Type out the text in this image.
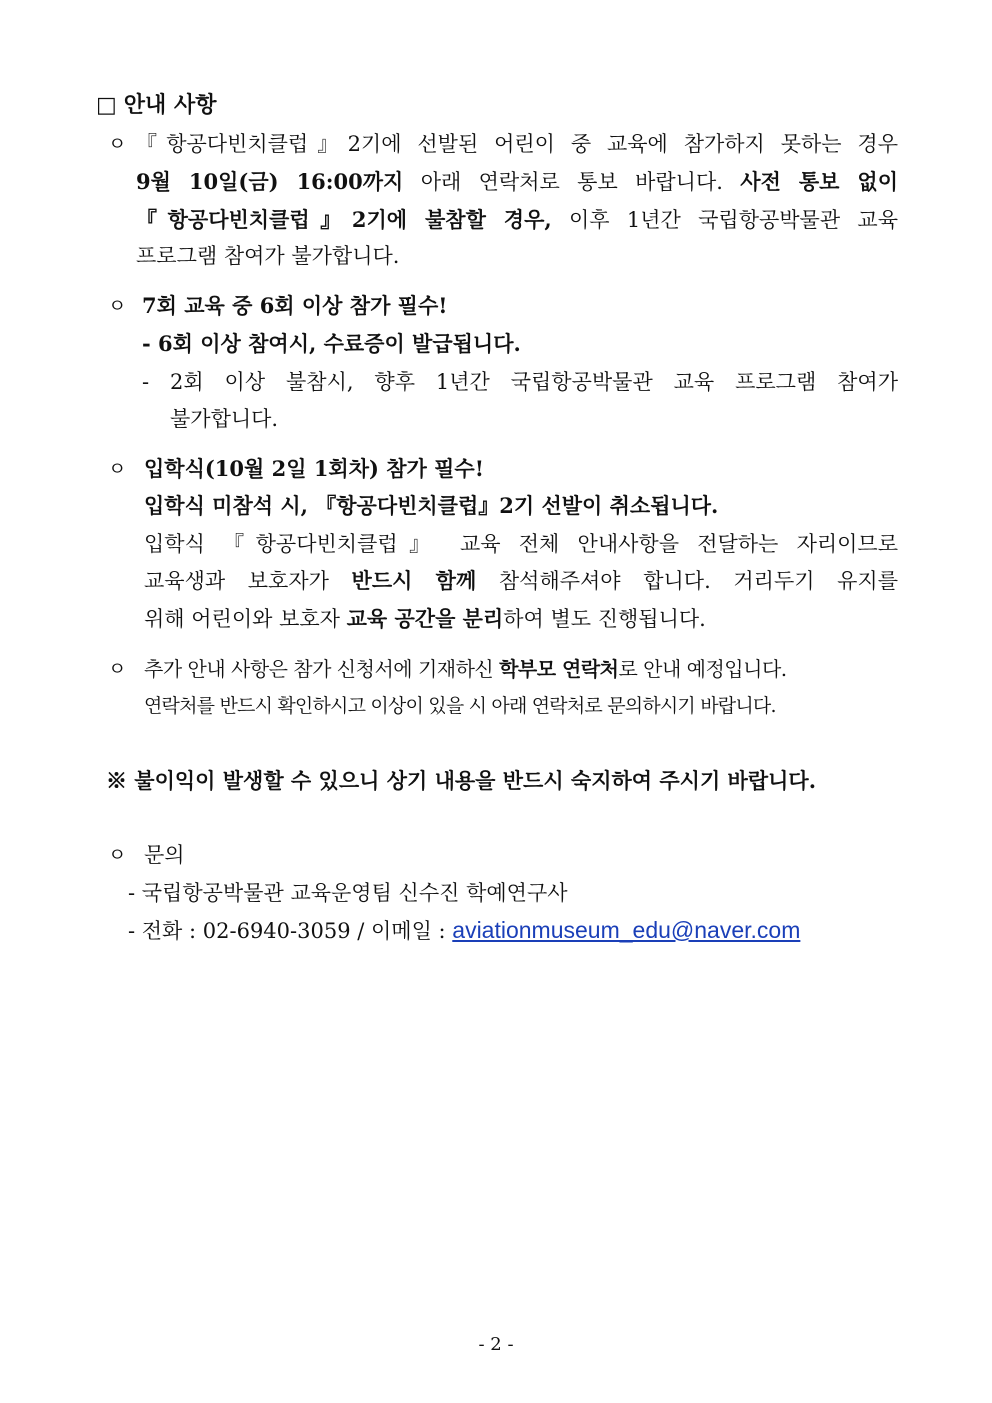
□ 안내 사항
ㅇ 『항공다빈치클럽』2기에 선발된 어린이 중 교육에 참가하지 못하는 경우
9월 10일(금) 16:00까지 아래 연락처로 통보 바랍니다. 사전 통보 없이
『항공다빈치클럽』2기에 불참할 경우, 이후 1년간 국립항공박물관 교육
프로그램 참여가 불가합니다.
ㅇ 7회 교육 중 6회 이상 참가 필수!
- 6회 이상 참여시, 수료증이 발급됩니다.
- 2회 이상 불참시, 향후 1년간 국립항공박물관 교육 프로그램 참여가
불가합니다.
ㅇ 입학식(10월 2일 1회차) 참가 필수!
입학식 미참석 시, 『항공다빈치클럽』2기 선발이 취소됩니다.
입학식 『항공다빈치클럽』 교육 전체 안내사항을 전달하는 자리이므로
교육생과 보호자가 반드시 함께 참석해주셔야 합니다. 거리두기 유지를
위해 어린이와 보호자 교육 공간을 분리하여 별도 진행됩니다.
ㅇ 추가 안내 사항은 참가 신청서에 기재하신 학부모 연락처로 안내 예정입니다.
연락처를 반드시 확인하시고 이상이 있을 시 아래 연락처로 문의하시기 바랍니다.
※ 불이익이 발생할 수 있으니 상기 내용을 반드시 숙지하여 주시기 바랍니다.
ㅇ 문의
- 국립항공박물관 교육운영팀 신수진 학예연구사
- 전화 : 02-6940-3059 / 이메일 : aviationmuseum_edu@naver.com
- 2 -
